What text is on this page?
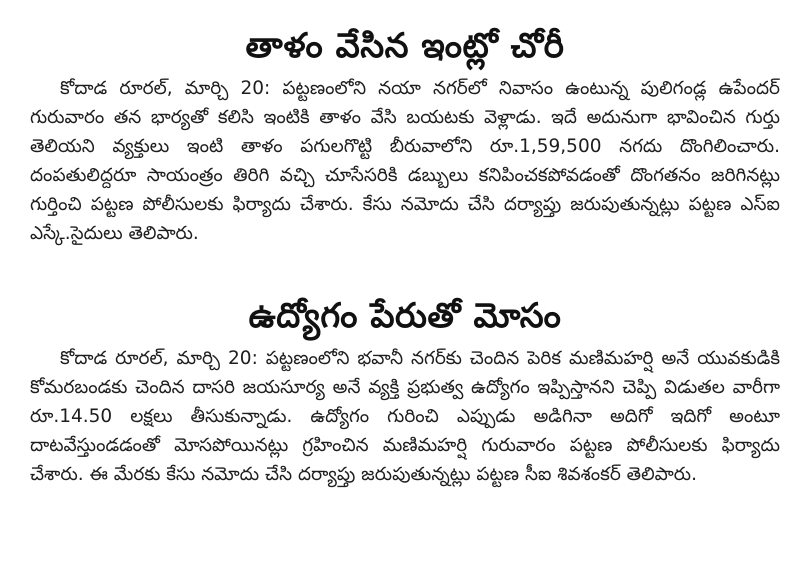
తాళం వేసిన ఇంట్లో చోరీ

కోదాడ రూరల్, మార్చి 20: పట్టణంలోని నయా నగర్‌లో నివాసం ఉంటున్న పులిగండ్ల ఉపేందర్ గురువారం తన భార్యతో కలిసి ఇంటికి తాళం వేసి బయటకు వెళ్లాడు. ఇదే అదునుగా భావించిన గుర్తు తెలియని వ్యక్తులు ఇంటి తాళం పగులగొట్టి బీరువాలోని రూ.1,59,500 నగదు దొంగిలించారు. దంపతులిద్దరూ సాయంత్రం తిరిగి వచ్చి చూసేసరికి డబ్బులు కనిపించకపోవడంతో దొంగతనం జరిగినట్లు గుర్తించి పట్టణ పోలీసులకు ఫిర్యాదు చేశారు. కేసు నమోదు చేసి దర్యాప్తు జరుపుతున్నట్లు పట్టణ ఎస్ఐ ఎస్కే.సైదులు తెలిపారు.

ఉద్యోగం పేరుతో మోసం

కోదాడ రూరల్, మార్చి 20: పట్టణంలోని భవానీ నగర్‌కు చెందిన పెరిక మణిమహర్షి అనే యువకుడికి కోమరబండకు చెందిన దాసరి జయసూర్య అనే వ్యక్తి ప్రభుత్వ ఉద్యోగం ఇప్పిస్తానని చెప్పి విడుతల వారీగా రూ.14.50 లక్షలు తీసుకున్నాడు. ఉద్యోగం గురించి ఎప్పుడు అడిగినా అదిగో ఇదిగో అంటూ దాటవేస్తుండడంతో మోసపోయినట్లు గ్రహించిన మణిమహర్షి గురువారం పట్టణ పోలీసులకు ఫిర్యాదు చేశారు. ఈ మేరకు కేసు నమోదు చేసి దర్యాప్తు జరుపుతున్నట్లు పట్టణ సీఐ శివశంకర్ తెలిపారు.
